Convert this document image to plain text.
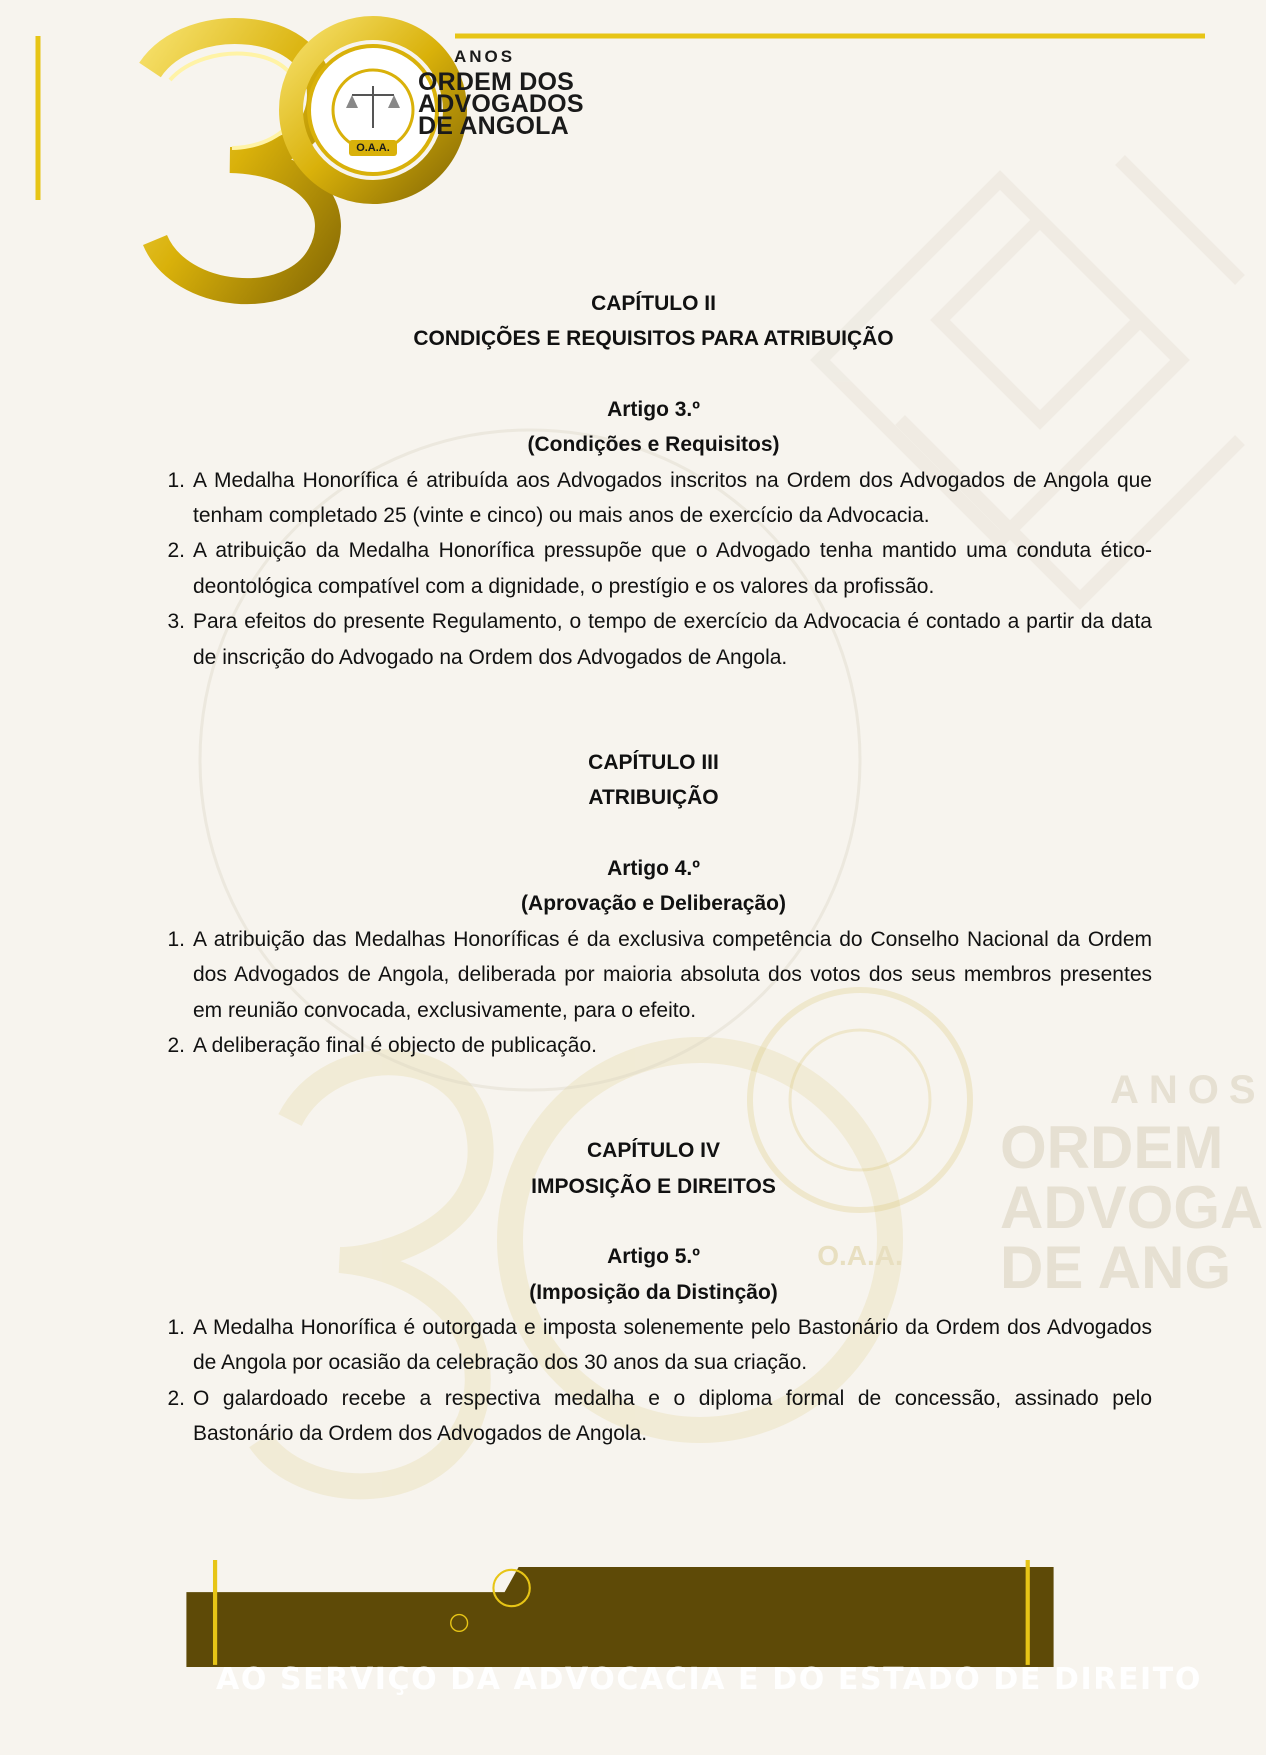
O.A.A.
ANOS
ORDEM DOS
ADVOGADOS
DE ANGOLA
ANOS
ORDEM
ADVOGA
DE ANG
O.A.A.
CAPÍTULO II
CONDIÇÕES E REQUISITOS PARA ATRIBUIÇÃO
Artigo 3.º
(Condições e Requisitos)
1. A Medalha Honorífica é atribuída aos Advogados inscritos na Ordem dos Advogados de Angola que tenham completado 25 (vinte e cinco) ou mais anos de exercício da Advocacia.
2. A atribuição da Medalha Honorífica pressupõe que o Advogado tenha mantido uma conduta ético-deontológica compatível com a dignidade, o prestígio e os valores da profissão.
3. Para efeitos do presente Regulamento, o tempo de exercício da Advocacia é contado a partir da data de inscrição do Advogado na Ordem dos Advogados de Angola.
CAPÍTULO III
ATRIBUIÇÃO
Artigo 4.º
(Aprovação e Deliberação)
1. A atribuição das Medalhas Honoríficas é da exclusiva competência do Conselho Nacional da Ordem dos Advogados de Angola, deliberada por maioria absoluta dos votos dos seus membros presentes em reunião convocada, exclusivamente, para o efeito.
2. A deliberação final é objecto de publicação.
CAPÍTULO IV
IMPOSIÇÃO E DIREITOS
Artigo 5.º
(Imposição da Distinção)
1. A Medalha Honorífica é outorgada e imposta solenemente pelo Bastonário da Ordem dos Advogados de Angola por ocasião da celebração dos 30 anos da sua criação.
2. O galardoado recebe a respectiva medalha e o diploma formal de concessão, assinado pelo Bastonário da Ordem dos Advogados de Angola.
AO SERVIÇO DA ADVOCACIA E DO ESTADO DE DIREITO
